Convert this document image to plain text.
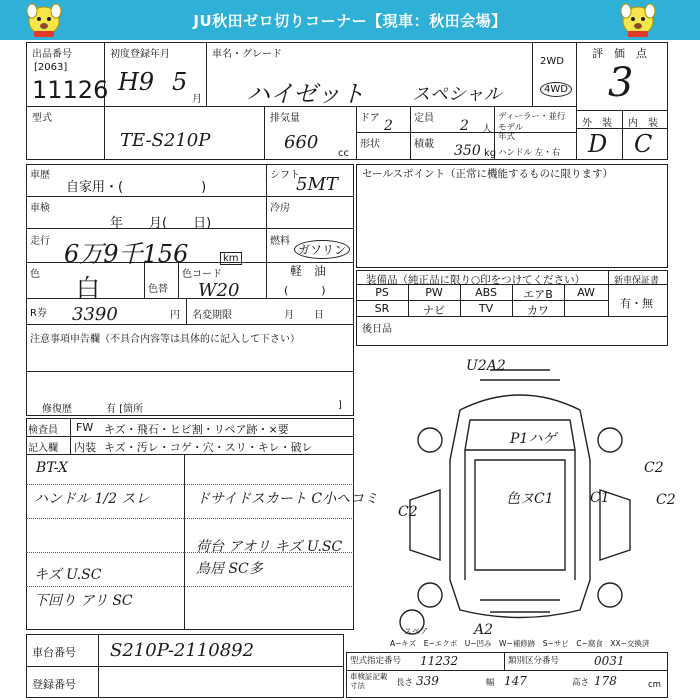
JU秋田ゼロ切りコーナー【現車：秋田会場】
出品番号
[2063]
11126
初度登録年月
H9 5
月
車名・グレード
ハイゼット	スペシャル
2WD
4WD
評　価　点
3
外　装 内　装
D C
型式
TE-S210P
排気量
660
cc
ドア 2 定員 2 人
形状	積載 350 kg
ディーラー・並行
モデル
年式
ハンドル 左・右
車歴
自家用・(　　　　　　)
シフト
5MT
車検
年　　月(　　日)
冷房
走行 6万9千156	km
燃料
ガソリン
軽　油
(　　　)
色 白	色替
色コード
W20
R券 3390	円 名変期限	月　　日
注意事項申告欄（不具合内容等は具体的に記入して下さい）
修復歴	有 [箇所	]
セールスポイント（正常に機能するものに限ります）
装備品（純正品に限り○印をつけてください）
PS	PW	ABS	エアB	AW
SR	ナビ	TV	カワ
新車保証書
有・無
後日品
検査員
記入欄
FW キズ・飛石・ヒビ割・リペア跡・×要
内装 キズ・汚レ・コゲ・穴・スリ・キレ・破レ
BT-X
ハンドル 1/2 スレ	ドサイドスカート C小ヘコミ
荷台 アオリ キズ U.SC
鳥居 SC多
キズ U.SC
下回り アリ SC
U2A2
P1ハゲ
C2
C2
C2
色ヌC1	C1
A2
スペア
A−キズ　E−エクボ　U−凹み　W−補修跡　S−サビ　C−腐食　XX−交換済
車台番号 S210P-2110892
登録番号
型式指定番号 11232	類別区分番号	0031
車検証記載
寸法	長さ 339	幅 147	高さ 178	cm
